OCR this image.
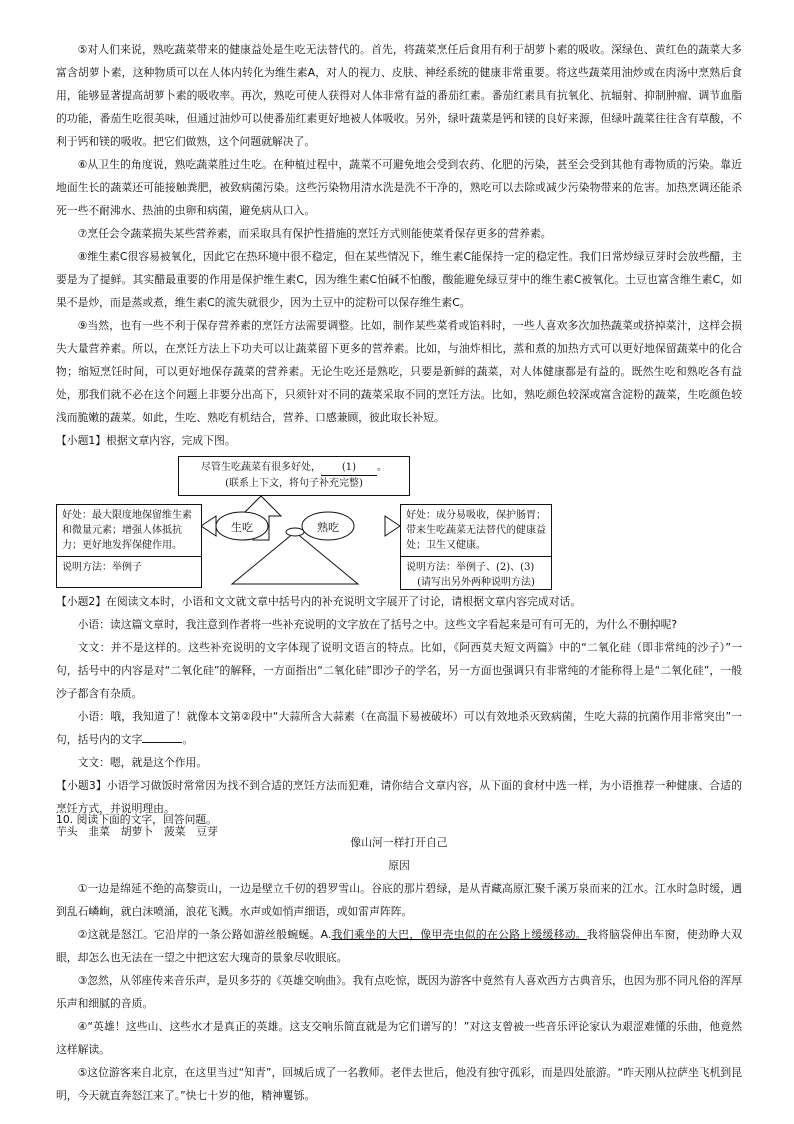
⑤对人们来说，熟吃蔬菜带来的健康益处是生吃无法替代的。首先，将蔬菜烹任后食用有利于胡萝卜素的吸收。深绿色、黄红色的蔬菜大多富含胡萝卜素，这种物质可以在人体内转化为维生素A，对人的视力、皮肤、神经系统的健康非常重要。将这些蔬菜用油炒或在肉汤中烹熟后食用，能够显著提高胡萝卜素的吸收率。再次，熟吃可使人获得对人体非常有益的番茄红素。番茄红素具有抗氧化、抗辐射、抑制肿瘤、调节血脂的功能，番茄生吃很美味，但通过油炒可以使番茄红素更好地被人体吸收。另外，绿叶蔬菜是钙和镁的良好来源，但绿叶蔬菜往往含有草酸，不利于钙和镁的吸收。把它们做熟，这个问题就解决了。

⑥从卫生的角度说，熟吃蔬菜胜过生吃。在种植过程中，蔬菜不可避免地会受到农药、化肥的污染，甚至会受到其他有毒物质的污染。靠近地面生长的蔬菜还可能接触粪肥，被致病菌污染。这些污染物用清水洗是洗不干净的，熟吃可以去除或减少污染物带来的危害。加热烹调还能杀死一些不耐沸水、热油的虫卵和病菌，避免病从口入。

⑦烹任会令蔬菜损失某些营养素，而采取具有保护性措施的烹饪方式则能使菜肴保存更多的营养素。

⑧维生素C很容易被氧化，因此它在热环境中很不稳定，但在某些情况下，维生素C能保持一定的稳定性。我们日常炒绿豆芽时会放些醋，主要是为了提鲜。其实醋最重要的作用是保护维生素C，因为维生素C怕碱不怕酸，酸能避免绿豆芽中的维生素C被氧化。土豆也富含维生素C，如果不是炒，而是蒸或煮，维生素C的流失就很少，因为土豆中的淀粉可以保存维生素C。

⑨当然，也有一些不利于保存营养素的烹饪方法需要调整。比如，制作某些菜肴或馅料时，一些人喜欢多次加热蔬菜或挤掉菜汁，这样会损失大量营养素。所以，在烹饪方法上下功夫可以让蔬菜留下更多的营养素。比如，与油炸相比，蒸和煮的加热方式可以更好地保留蔬菜中的化合物；缩短烹饪时间，可以更好地保存蔬菜的营养素。无论生吃还是熟吃，只要是新鲜的蔬菜，对人体健康都是有益的。既然生吃和熟吃各有益处，那我们就不必在这个问题上非要分出高下，只须针对不同的蔬菜采取不同的烹饪方法。比如，熟吃颜色较深或富含淀粉的蔬菜，生吃颜色较浅而脆嫩的蔬菜。如此，生吃、熟吃有机结合，营养、口感兼顾，彼此取长补短。

【小题1】根据文章内容，完成下图。

尽管生吃蔬菜有很多好处， (1) 。
(联系上下文，将句子补充完整)
好处：最大限度地保留维生素和微量元素；增强人体抵抗力；更好地发挥保健作用。
说明方法：举例子
生吃	熟吃
好处：成分易吸收，保护肠胃；带来生吃蔬菜无法替代的健康益处；卫生又健康。
说明方法：举例子、(2)、(3)
(请写出另外两种说明方法)

【小题2】在阅读文本时，小语和文文就文章中括号内的补充说明文字展开了讨论，请根据文章内容完成对话。

小语：读这篇文章时，我注意到作者将一些补充说明的文字放在了括号之中。这些文字看起来是可有可无的，为什么不删掉呢?

文文：并不是这样的。这些补充说明的文字体现了说明文语言的特点。比如，《阿西莫夫短文两篇》中的“二氧化硅（即非常纯的沙子）”一句，括号中的内容是对“二氧化硅”的解释，一方面指出“二氧化硅”即沙子的学名，另一方面也强调只有非常纯的才能称得上是“二氧化硅”，一般沙子都含有杂质。

小语：哦，我知道了！就像本文第②段中“大蒜所含大蒜素（在高温下易被破坏）可以有效地杀灭致病菌，生吃大蒜的抗菌作用非常突出”一句，括号内的文字	。

文文：嗯，就是这个作用。

【小题3】小语学习做饭时常常因为找不到合适的烹饪方法而犯难，请你结合文章内容，从下面的食材中选一样，为小语推荐一种健康、合适的烹饪方式，并说明理由。

芋头　韭菜　胡萝卜　菠菜　豆芽

10. 阅读下面的文字，回答问题。

像山河一样打开自己

原因

①一边是绵延不绝的高黎贡山，一边是壁立千仞的碧罗雪山。谷底的那片碧绿，是从青藏高原汇聚千溪万泉而来的江水。江水时急时缓，遇到乱石嶙峋，就白沫喷涌，浪花飞溅。水声或如悄声细语，或如雷声阵阵。

②这就是怒江。它沿岸的一条公路如游丝般蜿蜒。A.我们乘坐的大巴，像甲壳虫似的在公路上缓缓移动。我将脑袋伸出车窗，使劲睁大双眼，却怎么也无法在一望之中把这宏大瑰奇的景象尽收眼底。

③忽然，从邻座传来音乐声，是贝多芬的《英雄交响曲》。我有点吃惊，既因为游客中竟然有人喜欢西方古典音乐，也因为那不同凡俗的浑厚乐声和细腻的音质。

④“英雄！这些山、这些水才是真正的英雄。这支交响乐简直就是为它们谱写的！”对这支曾被一些音乐评论家认为艰涩难懂的乐曲，他竟然这样解读。

⑤这位游客来自北京，在这里当过“知青”，回城后成了一名教师。老伴去世后，他没有独守孤彩，而是四处旅游。“昨天刚从拉萨坐飞机到昆明，今天就直奔怒江来了。”快七十岁的他，精神矍铄。
